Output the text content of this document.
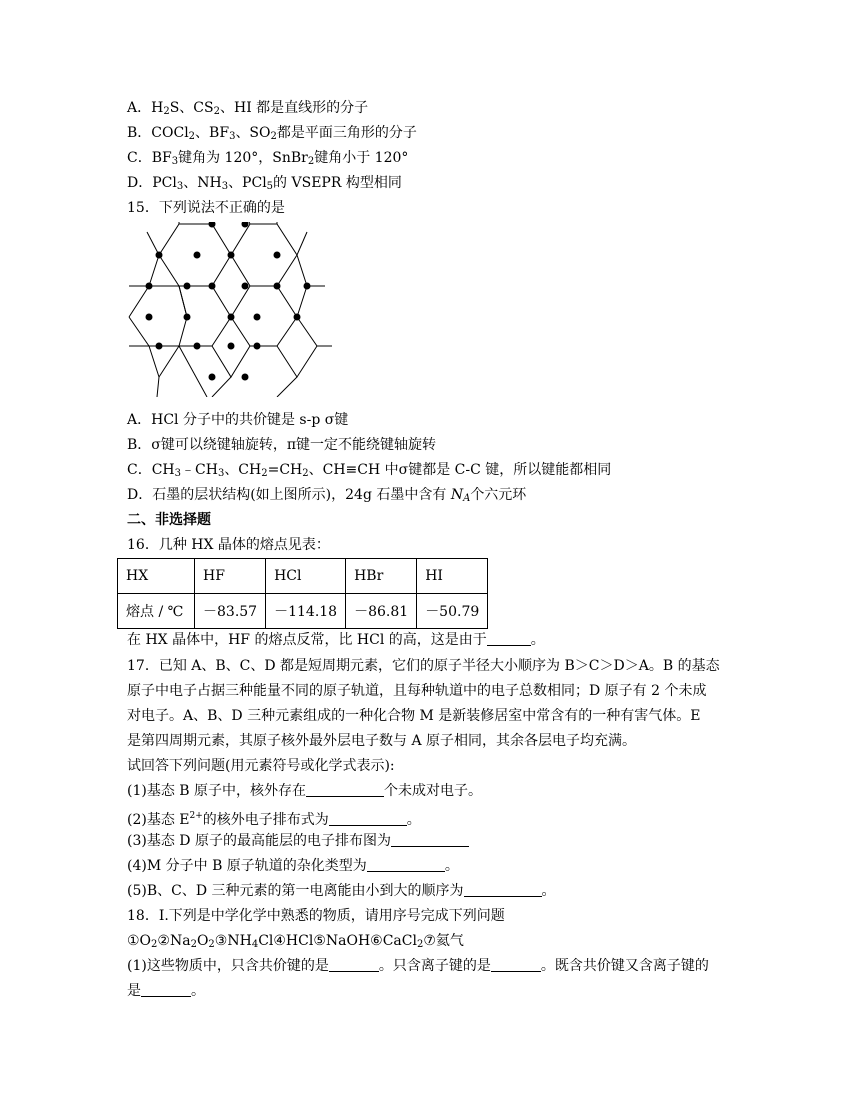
A．$H_2S$、$CS_2$、HI 都是直线形的分子
B．COCl$_2$、$BF_3$、$SO_2$都是平面三角形的分子
C．$BF_3$键角为 120°，SnBr$_2$键角小于 120°
D．PCl$_3$、$NH_3$、PCl$_5$的 VSEPR 构型相同
15．下列说法不正确的是
A．HCl 分子中的共价键是 s-p σ键
B．σ键可以绕键轴旋转，π键一定不能绕键轴旋转
C．$CH_3﹣CH_3$、$CH_2=CH_2$、CH≡CH 中σ键都是 C-C 键，所以键能都相同
D．石墨的层状结构(如上图所示)，24g 石墨中含有 $N_A$个六元环
二、非选择题
16．几种 HX 晶体的熔点见表：
HX	HF	HCl	HBr	HI
熔点 / ℃	－83.57	－114.18	－86.81	－50.79
在 HX 晶体中，HF 的熔点反常，比 HCl 的高，这是由于	。
17．已知 A、B、C、D 都是短周期元素，它们的原子半径大小顺序为 B＞C＞D＞A。B 的基态
原子中电子占据三种能量不同的原子轨道，且每种轨道中的电子总数相同；D 原子有 2 个未成
对电子。A、B、D 三种元素组成的一种化合物 M 是新装修居室中常含有的一种有害气体。E
是第四周期元素，其原子核外最外层电子数与 A 原子相同，其余各层电子均充满。
试回答下列问题(用元素符号或化学式表示):
(1)基态 B 原子中，核外存在	个未成对电子。
(2)基态 $E^{2+}$的核外电子排布式为	。
(3)基态 D 原子的最高能层的电子排布图为
(4)M 分子中 B 原子轨道的杂化类型为	。
(5)B、C、D 三种元素的第一电离能由小到大的顺序为	。
18．I.下列是中学化学中熟悉的物质，请用序号完成下列问题
$①O_2②Na_2O_2③NH_4Cl④HCl⑤NaOH⑥CaCl_2⑦$氦气
(1)这些物质中，只含共价键的是	。只含离子键的是	。既含共价键又含离子键的
是	。
